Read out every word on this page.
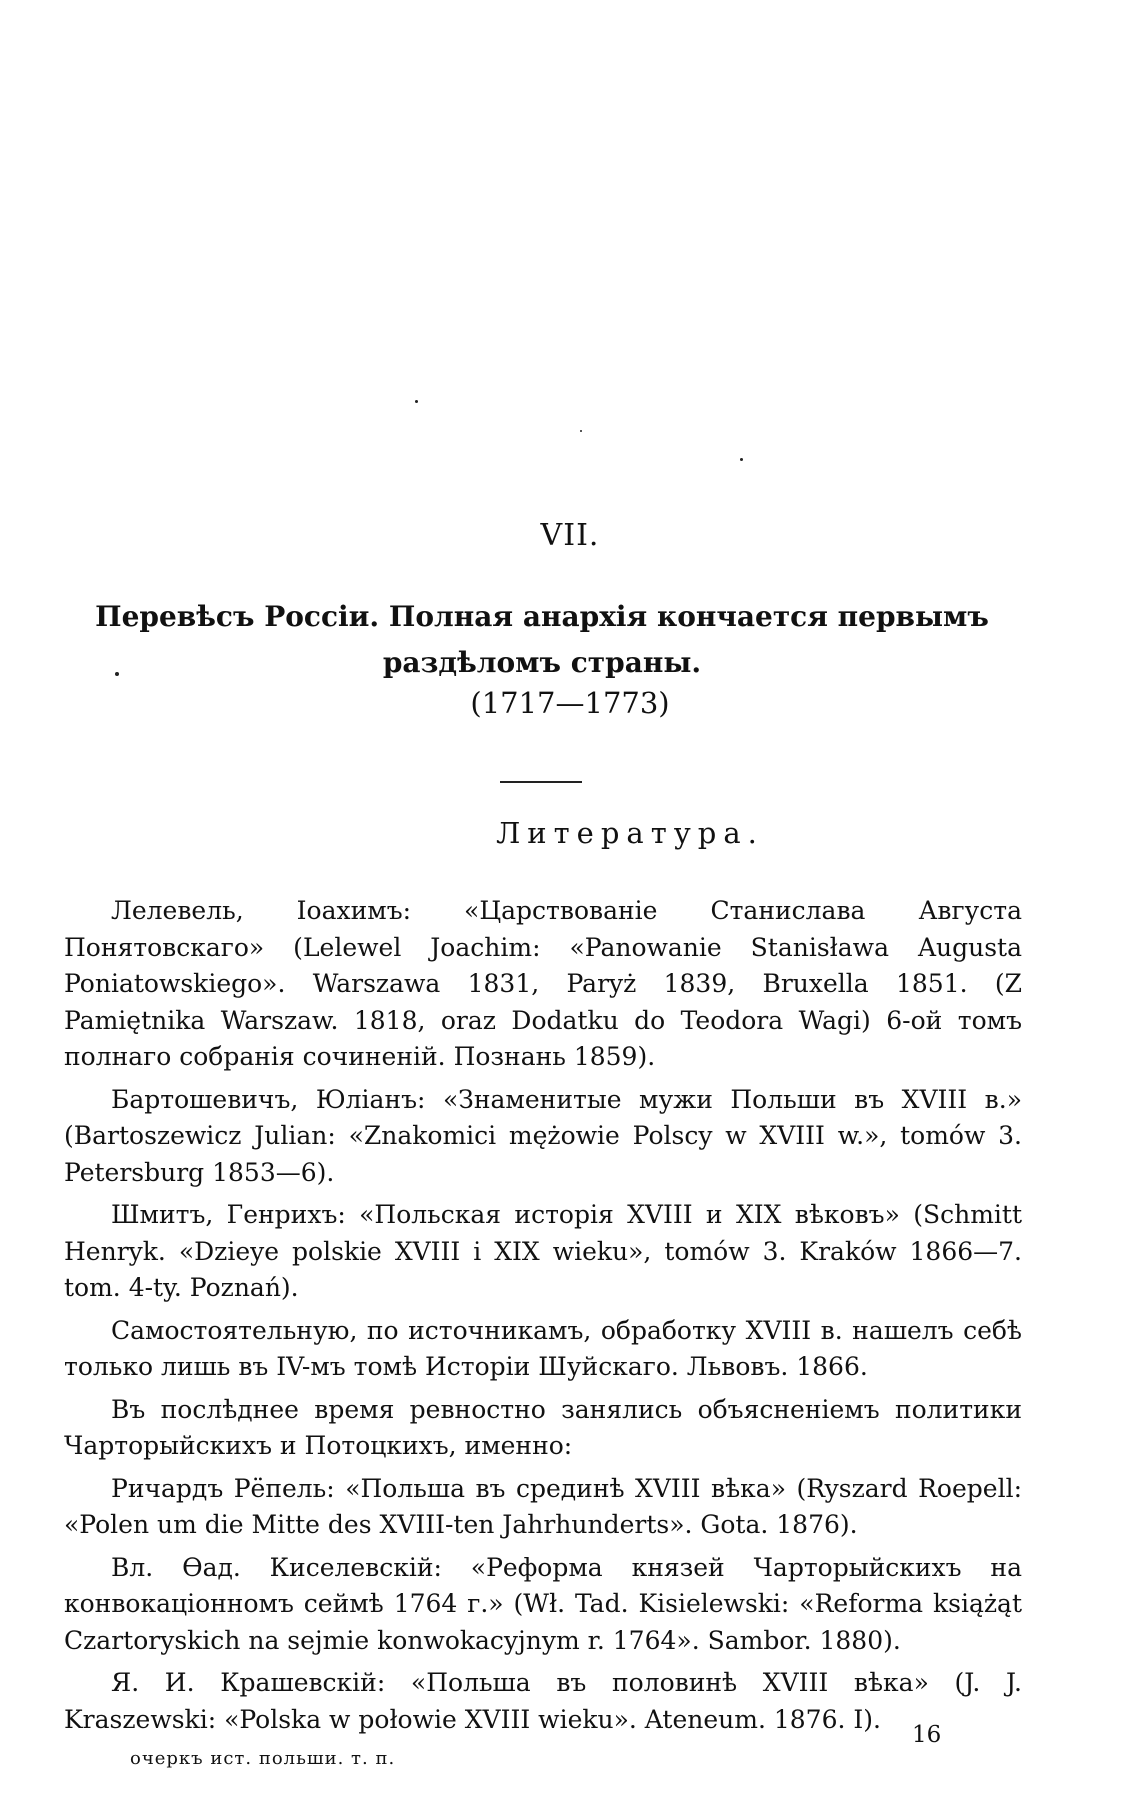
VII.
Перевѣсъ Россіи. Полная анархія кончается первымъ раздѣломъ страны.
(1717—1773)
Литература.

Лелевель, Іоахимъ: «Царствованіе Станислава Августа Понятовскаго» (Lelewel Joachim: «Panowanie Stanisława Augusta Poniatowskiego». Warszawa 1831, Paryż 1839, Bruxella 1851. (Z Pamiętnika Warszaw. 1818, oraz Dodatku do Teodora Wagi) 6-ой томъ полнаго собранія сочиненій. Познань 1859).

Бартошевичъ, Юліанъ: «Знаменитые мужи Польши въ XVIII в.» (Bartoszewicz Julian: «Znakomici mężowie Polscy w XVIII w.», tomów 3. Petersburg 1853—6).

Шмитъ, Генрихъ: «Польская исторія XVIII и XIX вѣковъ» (Schmitt Henryk. «Dzieye polskie XVIII i XIX wieku», tomów 3. Kraków 1866—7. tom. 4-ty. Poznań).

Самостоятельную, по источникамъ, обработку XVIII в. нашелъ себѣ только лишь въ IV-мъ томѣ Исторіи Шуйскаго. Львовъ. 1866.

Въ послѣднее время ревностно занялись объясненіемъ политики Чарторыйскихъ и Потоцкихъ, именно:

Ричардъ Рёпель: «Польша въ срединѣ XVIII вѣка» (Ryszard Roepell: «Polen um die Mitte des XVIII-ten Jahrhunderts». Gota. 1876).

Вл. Ѳад. Киселевскій: «Реформа князей Чарторыйскихъ на конвокаціонномъ сеймѣ 1764 г.» (Wł. Tad. Kisielewski: «Reforma książąt Czartoryskich na sejmie konwokacyjnym r. 1764». Sambor. 1880).

Я. И. Крашевскій: «Польша въ половинѣ XVIII вѣка» (J. J. Kraszewski: «Polska w połowie XVIII wieku». Ateneum. 1876. I).

16
очеркъ ист. польши. т. п.
